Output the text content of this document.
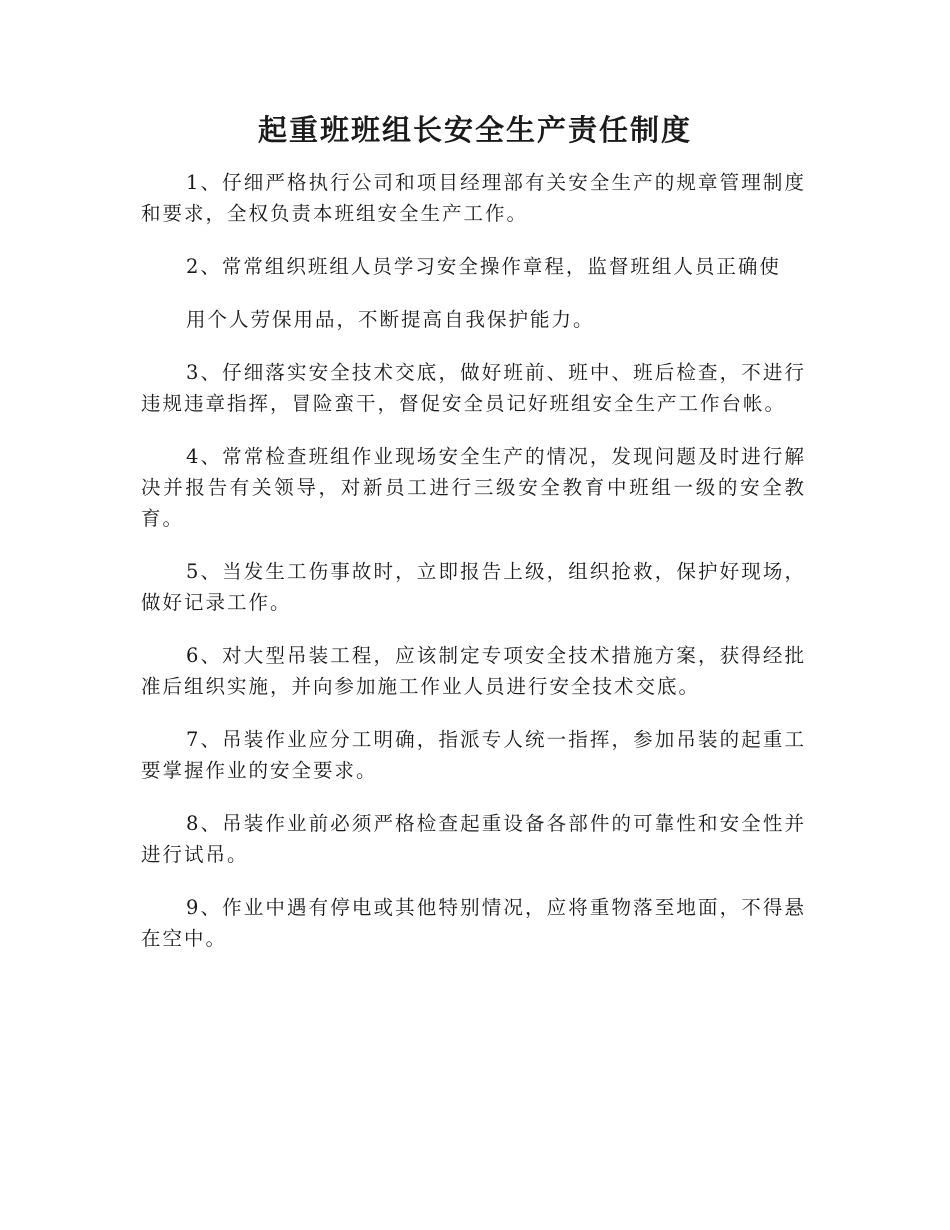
起重班班组长安全生产责任制度

1、仔细严格执行公司和项目经理部有关安全生产的规章管理制度和要求，全权负责本班组安全生产工作。

2、常常组织班组人员学习安全操作章程，监督班组人员正确使

用个人劳保用品，不断提高自我保护能力。

3、仔细落实安全技术交底，做好班前、班中、班后检查，不进行违规违章指挥，冒险蛮干，督促安全员记好班组安全生产工作台帐。

4、常常检查班组作业现场安全生产的情况，发现问题及时进行解决并报告有关领导，对新员工进行三级安全教育中班组一级的安全教育。

5、当发生工伤事故时，立即报告上级，组织抢救，保护好现场，做好记录工作。

6、对大型吊装工程，应该制定专项安全技术措施方案，获得经批准后组织实施，并向参加施工作业人员进行安全技术交底。

7、吊装作业应分工明确，指派专人统一指挥，参加吊装的起重工要掌握作业的安全要求。

8、吊装作业前必须严格检查起重设备各部件的可靠性和安全性并进行试吊。

9、作业中遇有停电或其他特别情况，应将重物落至地面，不得悬在空中。
